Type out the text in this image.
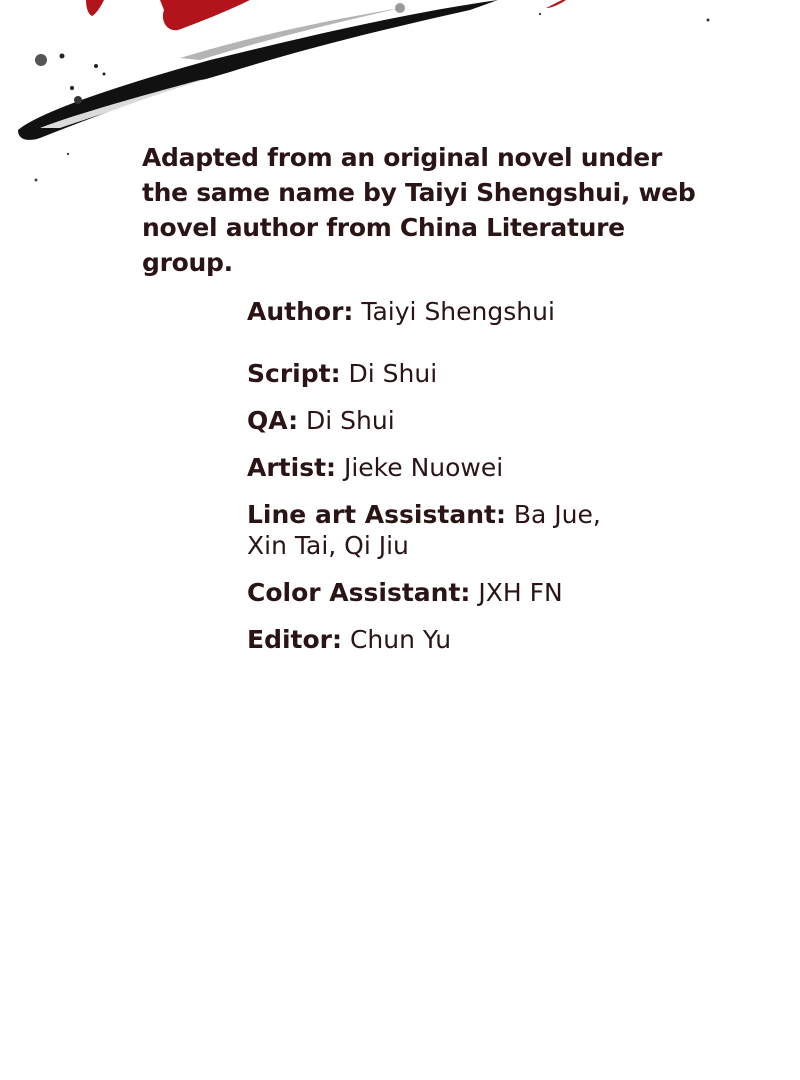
Adapted from an original novel under the same name by Taiyi Shengshui, web novel author from China Literature group.

Author: Taiyi Shengshui
Script: Di Shui
QA: Di Shui
Artist: Jieke Nuowei
Line art Assistant: Ba Jue, Xin Tai, Qi Jiu
Color Assistant: JXH FN
Editor: Chun Yu
